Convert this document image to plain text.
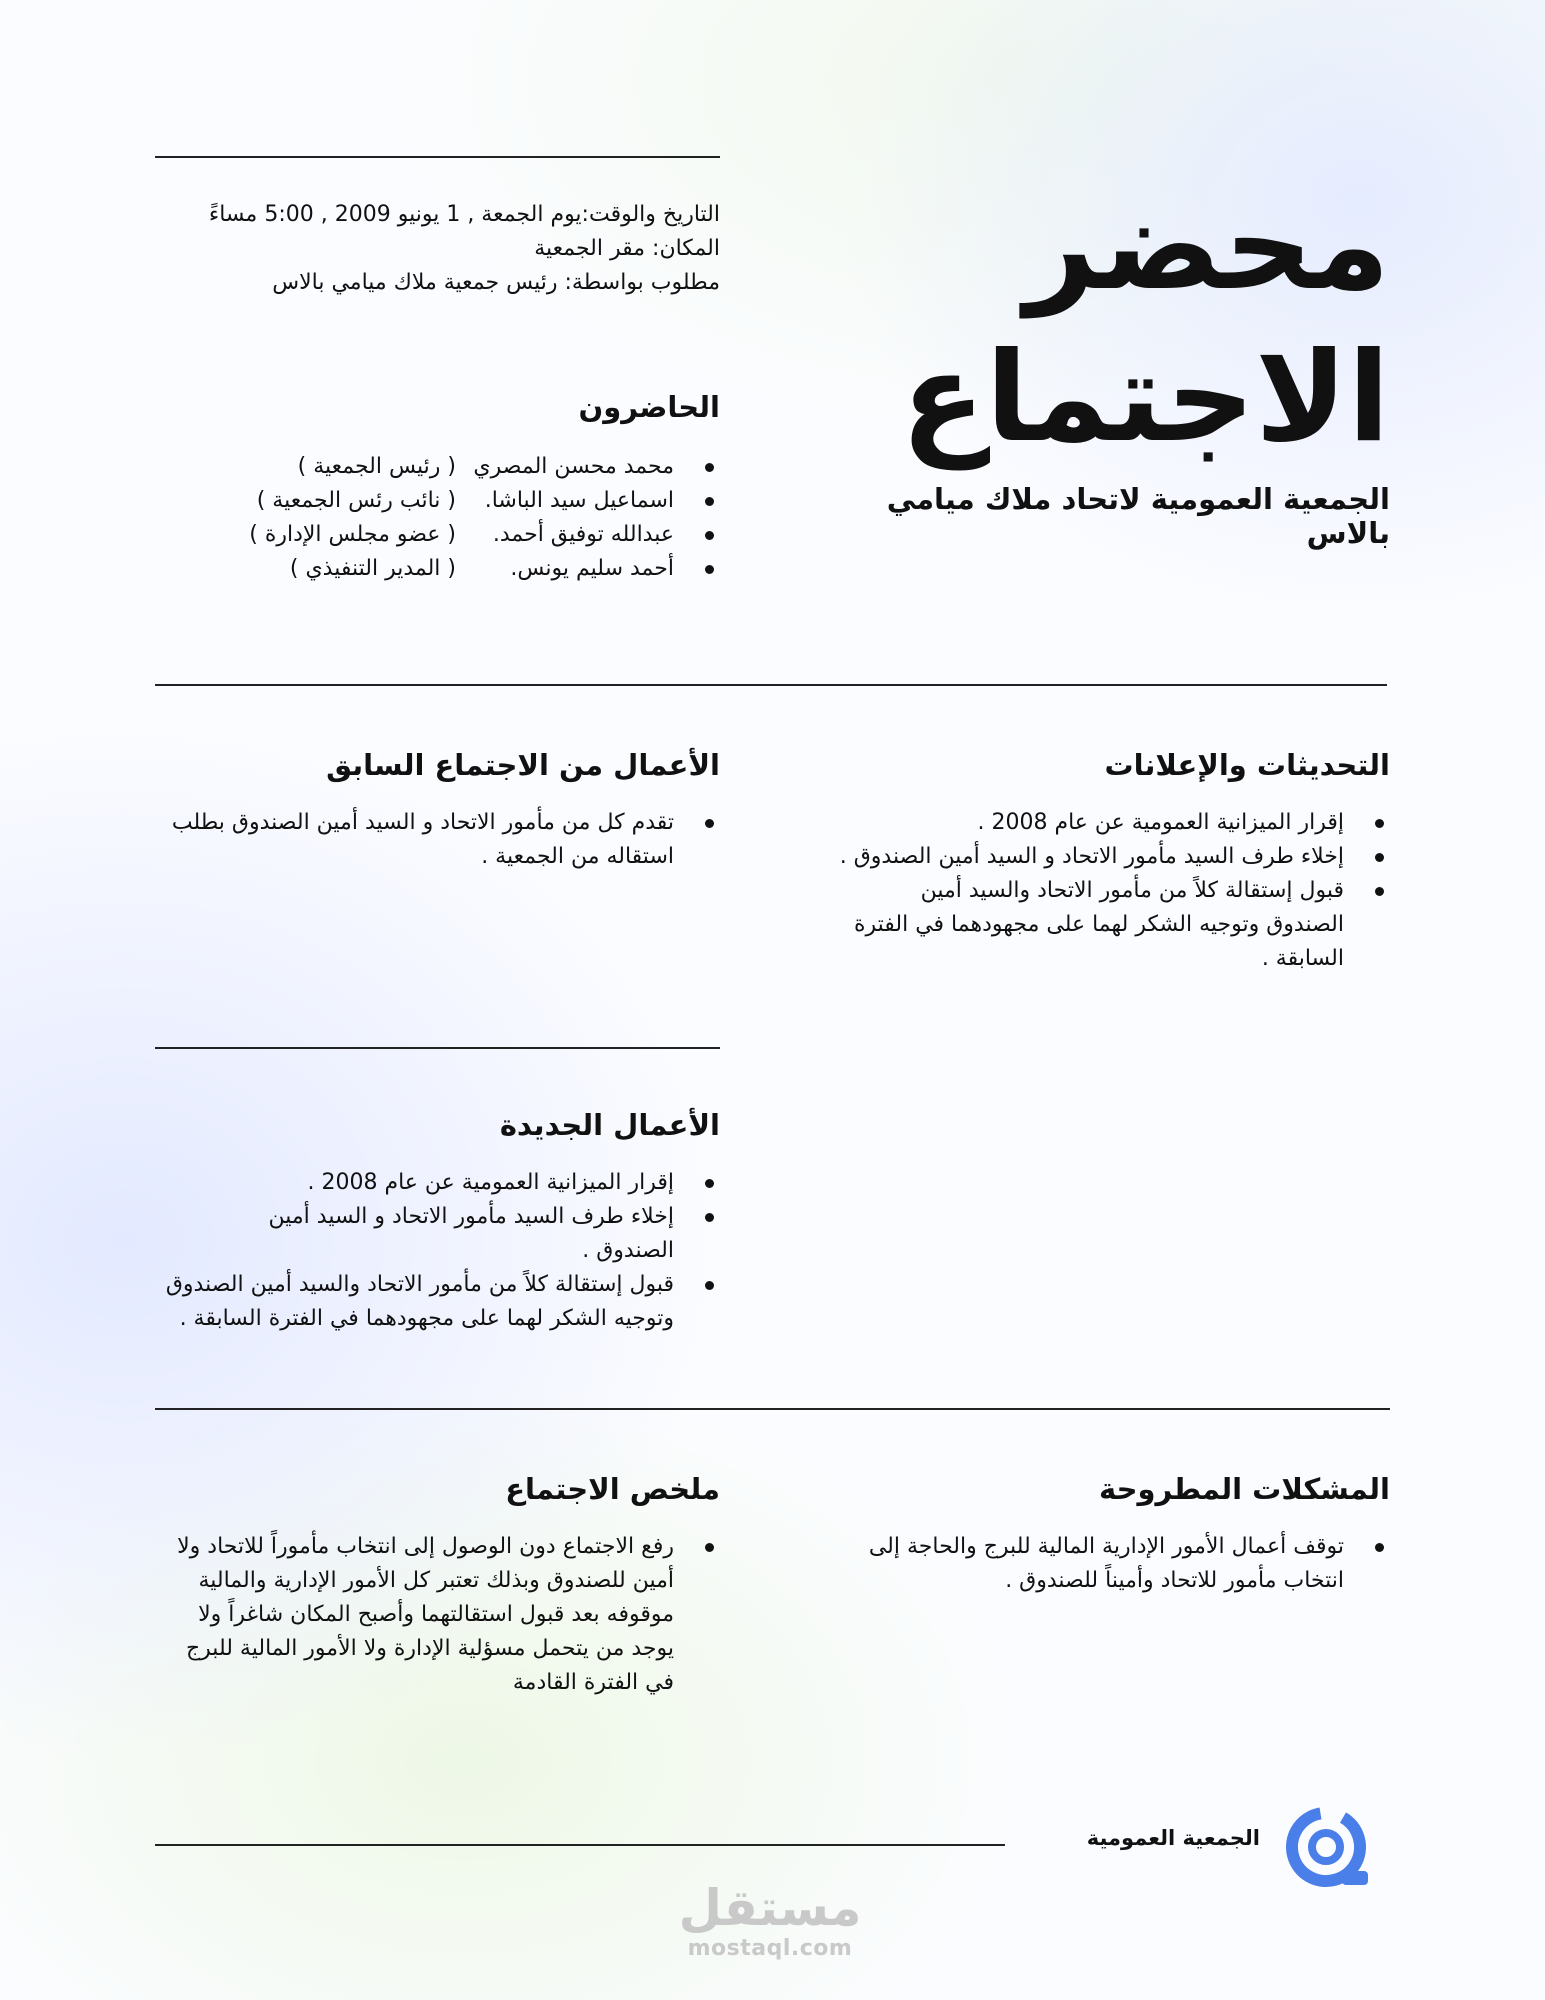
محضر
الاجتماع

الجمعية العمومية لاتحاد ملاك ميامي بالاس

التاريخ والوقت:يوم الجمعة , 1 يونيو 2009 , 5:00 مساءً
المكان: مقر الجمعية
مطلوب بواسطة: رئيس جمعية ملاك ميامي بالاس
الحاضرون
محمد محسن المصري
( رئيس الجمعية )
اسماعيل سيد الباشا.
( نائب رئس الجمعية )
عبدالله توفيق أحمد.
( عضو مجلس الإدارة )
أحمد سليم يونس.
( المدير التنفيذي )
التحديثات والإعلانات
إقرار الميزانية العمومية عن عام 2008 .
إخلاء طرف السيد مأمور الاتحاد و السيد أمين الصندوق .
قبول إستقالة كلاً من مأمور الاتحاد والسيد أمين الصندوق وتوجيه الشكر لهما على مجهودهما في الفترة السابقة .
الأعمال من الاجتماع السابق
تقدم كل من مأمور الاتحاد و السيد أمين الصندوق بطلب استقاله من الجمعية .
الأعمال الجديدة
إقرار الميزانية العمومية عن عام 2008 .
إخلاء طرف السيد مأمور الاتحاد و السيد أمين الصندوق .
قبول إستقالة كلاً من مأمور الاتحاد والسيد أمين الصندوق وتوجيه الشكر لهما على مجهودهما في الفترة السابقة .
المشكلات المطروحة
توقف أعمال الأمور الإدارية المالية للبرج والحاجة إلى انتخاب مأمور للاتحاد وأميناً للصندوق .
ملخص الاجتماع
رفع الاجتماع دون الوصول إلى انتخاب مأموراً للاتحاد ولا أمين للصندوق وبذلك تعتبر كل الأمور الإدارية والمالية موقوفه بعد قبول استقالتهما وأصبح المكان شاغراً ولا يوجد من يتحمل مسؤلية الإدارة ولا الأمور المالية للبرج في الفترة القادمة
الجمعية العمومية
مستقل
mostaql.com
